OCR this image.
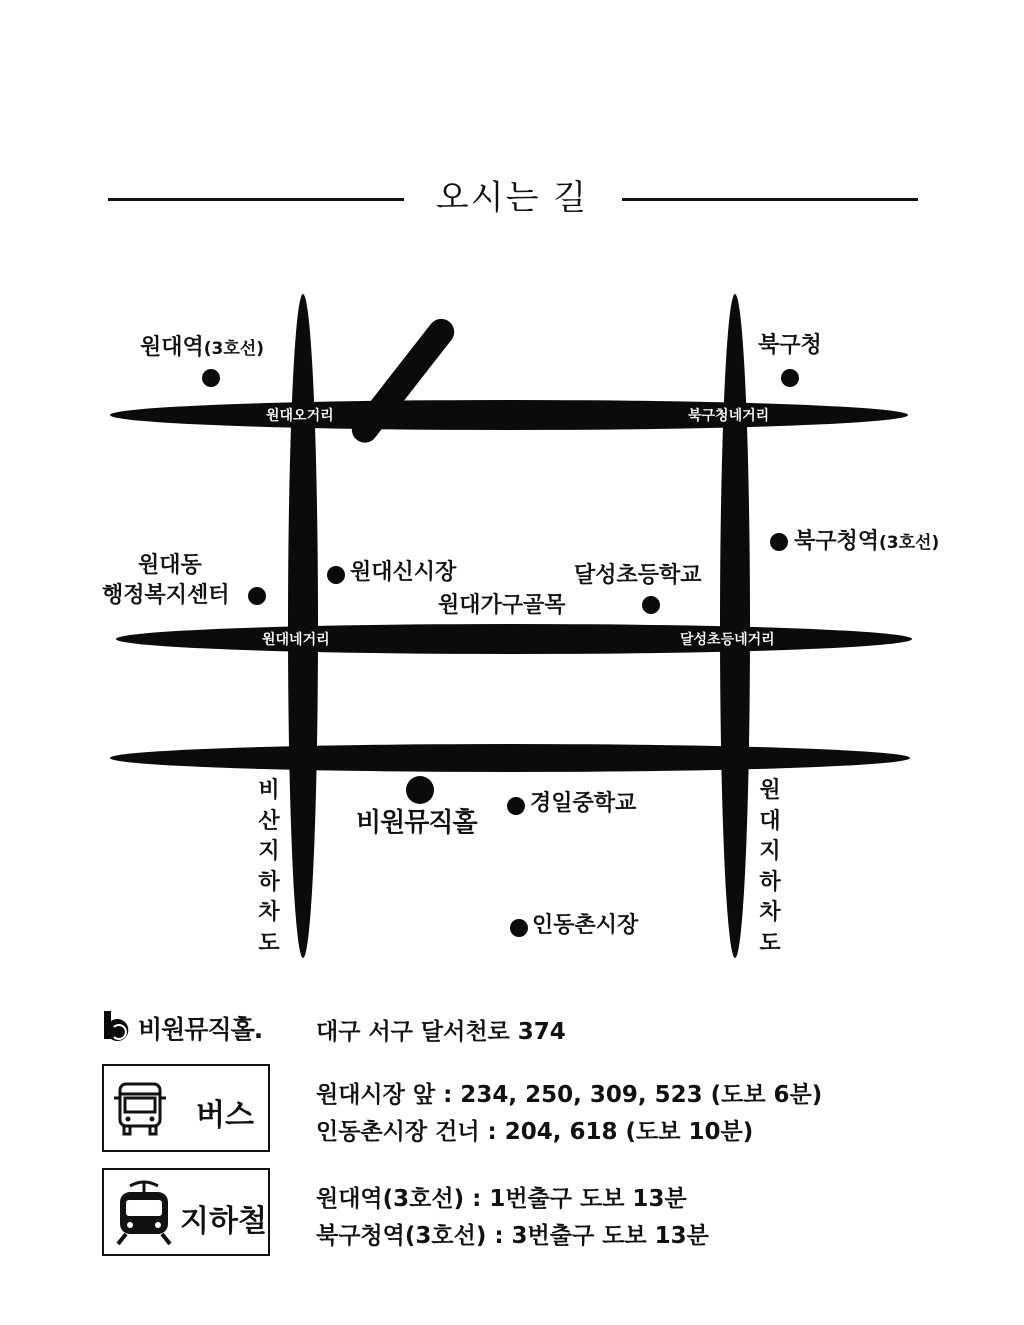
오시는 길
원대오거리	북구청네거리
원대네거리	달성초등네거리
비
산
지
하
차
도
원
대
지
하
차
도
원대역(3호선)	북구청
북구청역(3호선)
원대동
행정복지센터
원대신시장	달성초등학교
원대가구골목
비원뮤직홀
경일중학교
인동촌시장
비원뮤직홀. 대구 서구 달서천로 374
버스
원대시장 앞 : 234, 250, 309, 523 (도보 6분)
인동촌시장 건너 : 204, 618 (도보 10분)
지하철
원대역(3호선) : 1번출구 도보 13분
북구청역(3호선) : 3번출구 도보 13분
